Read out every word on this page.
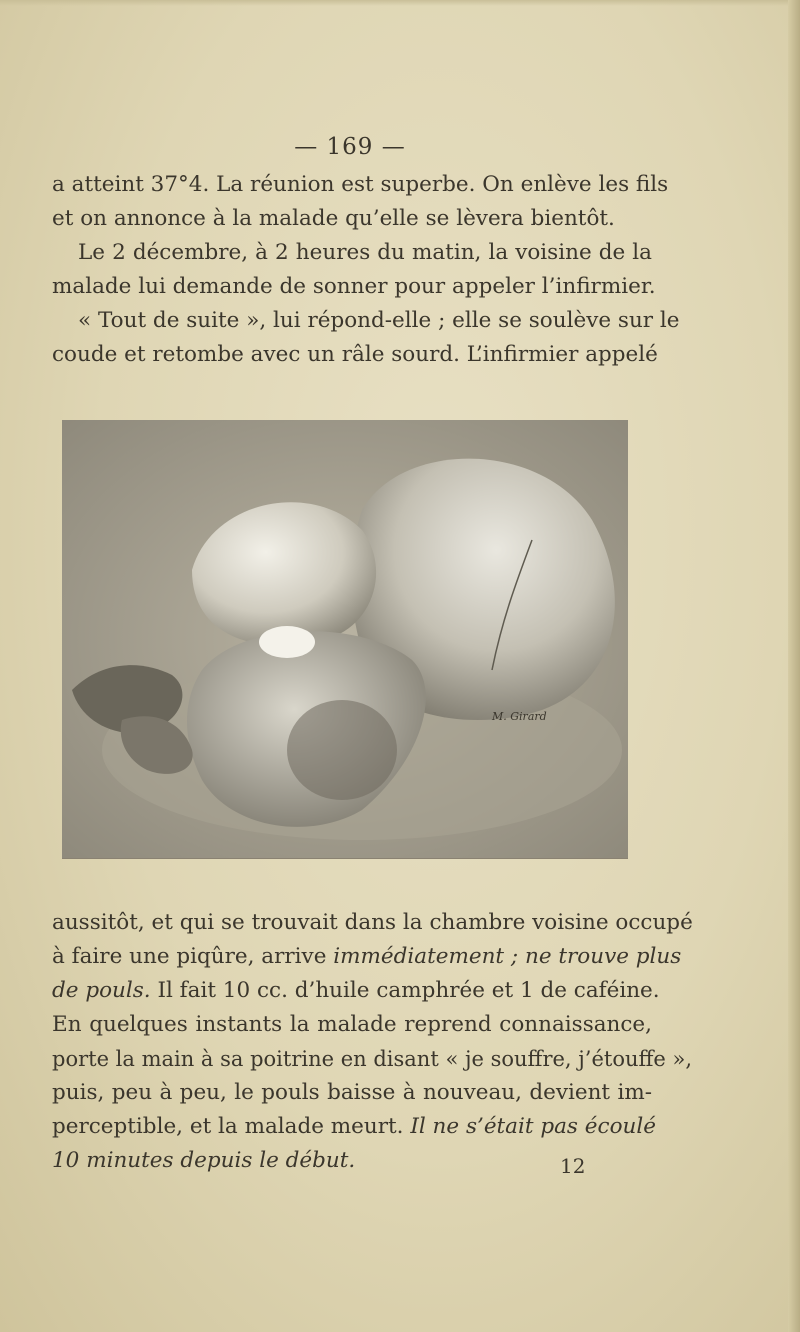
— 169 —
a atteint 37°4. La réunion est superbe. On enlève les fils
et on annonce à la malade qu’elle se lèvera bientôt.
Le 2 décembre, à 2 heures du matin, la voisine de la
malade lui demande de sonner pour appeler l’infirmier.
« Tout de suite », lui répond-elle ; elle se soulève sur le
coude et retombe avec un râle sourd. L’infirmier appelé
M. Girard
aussitôt, et qui se trouvait dans la chambre voisine occupé
à faire une piqûre, arrive immédiatement ; ne trouve plus
de pouls. Il fait 10 cc. d’huile camphrée et 1 de caféine.
En quelques instants la malade reprend connaissance,
porte la main à sa poitrine en disant « je souffre, j’étouffe »,
puis, peu à peu, le pouls baisse à nouveau, devient im-
perceptible, et la malade meurt. Il ne s’était pas écoulé
10 minutes depuis le début.	12
